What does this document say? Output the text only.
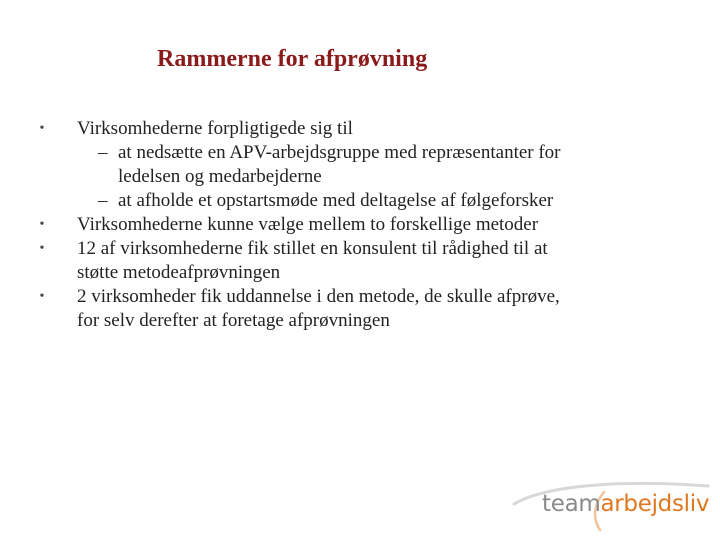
Rammerne for afprøvning
•	Virksomhederne forpligtigede sig til
– at nedsætte en APV-arbejdsgruppe med repræsentanter for
ledelsen og medarbejderne
– at afholde et opstartsmøde med deltagelse af følgeforsker
•	Virksomhederne kunne vælge mellem to forskellige metoder
•	12 af virksomhederne fik stillet en konsulent til rådighed til at
støtte metodeafprøvningen
•	2 virksomheder fik uddannelse i den metode, de skulle afprøve,
for selv derefter at foretage afprøvningen
teamarbejdsliv
